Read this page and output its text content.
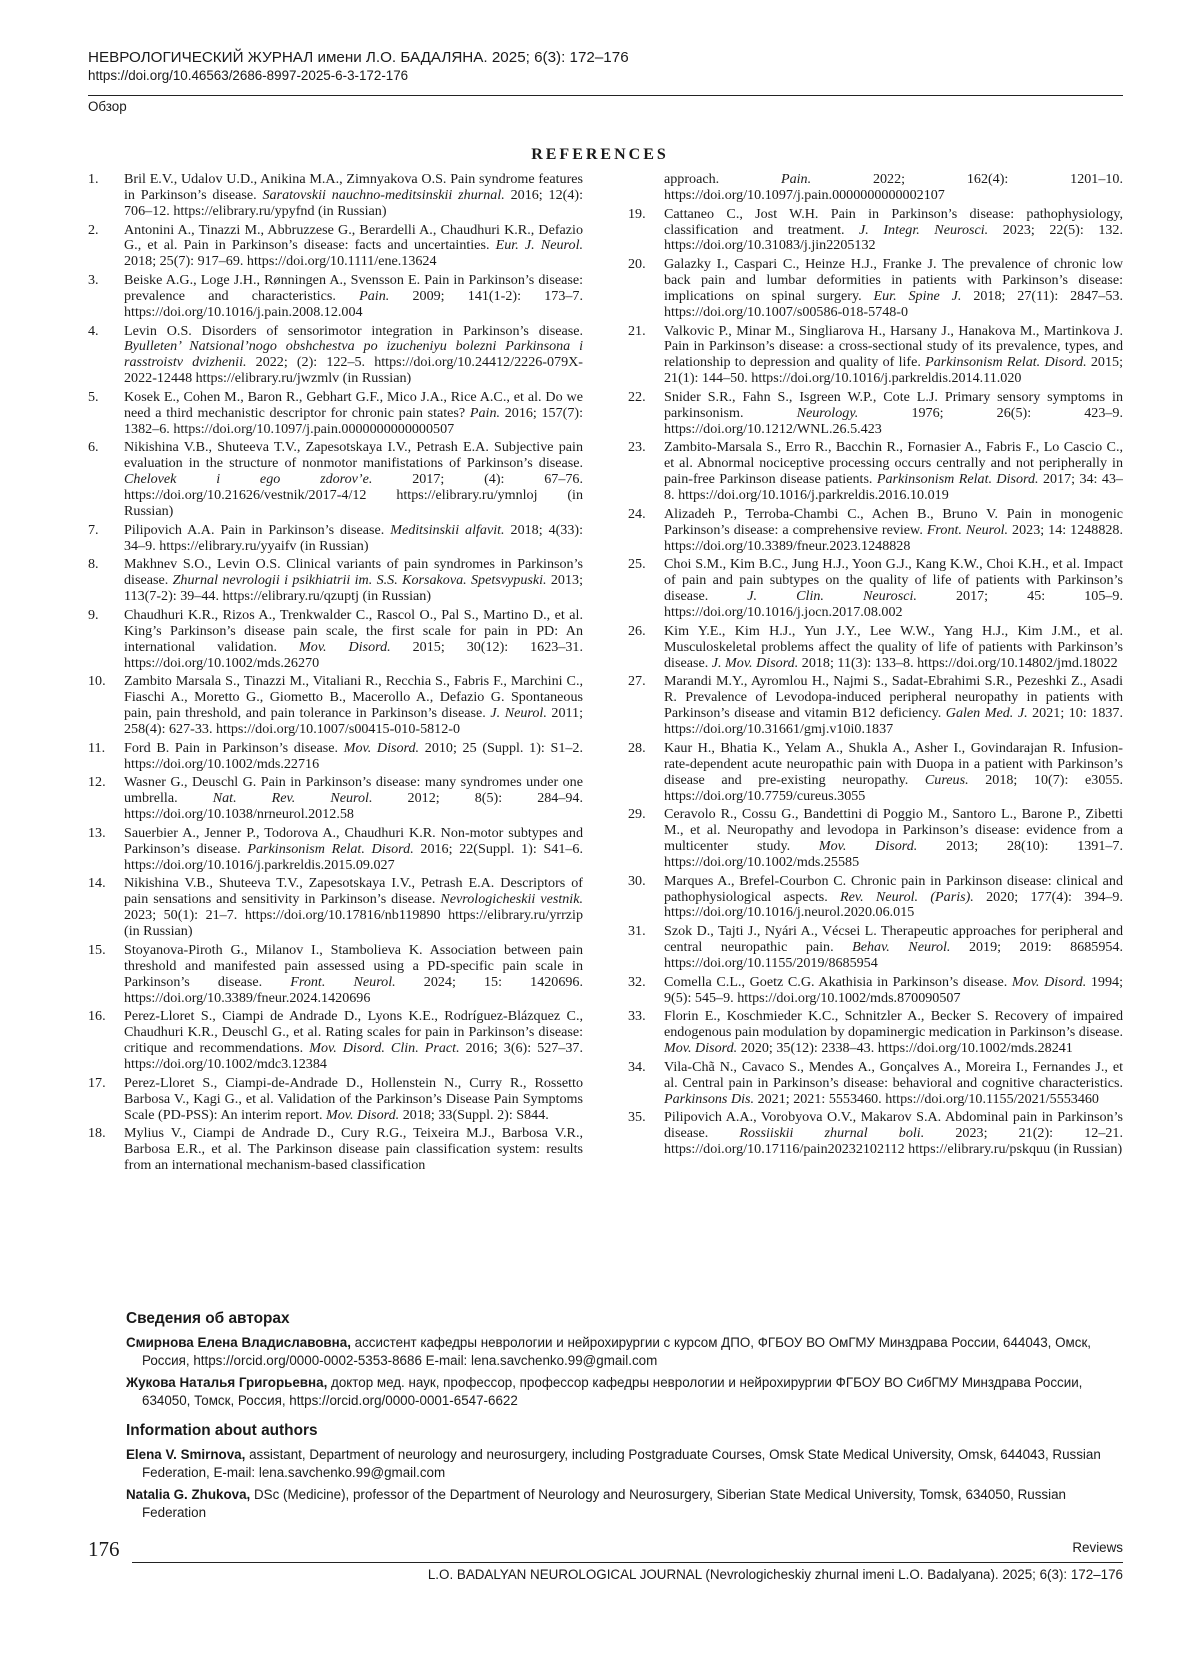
НЕВРОЛОГИЧЕСКИЙ ЖУРНАЛ имени Л.О. БАДАЛЯНА. 2025; 6(3): 172–176
https://doi.org/10.46563/2686-8997-2025-6-3-172-176
Обзор
REFERENCES
1. Bril E.V., Udalov U.D., Anikina M.A., Zimnyakova O.S. Pain syndrome features in Parkinson’s disease. Saratovskii nauchno-meditsinskii zhurnal. 2016; 12(4): 706–12. https://elibrary.ru/ypyfnd (in Russian)
2. Antonini A., Tinazzi M., Abbruzzese G., Berardelli A., Chaudhuri K.R., Defazio G., et al. Pain in Parkinson’s disease: facts and uncertainties. Eur. J. Neurol. 2018; 25(7): 917–69. https://doi.org/10.1111/ene.13624
3. Beiske A.G., Loge J.H., Rønningen A., Svensson E. Pain in Parkinson’s disease: prevalence and characteristics. Pain. 2009; 141(1-2): 173–7. https://doi.org/10.1016/j.pain.2008.12.004
4. Levin O.S. Disorders of sensorimotor integration in Parkinson’s disease. Byulleten’ Natsional’nogo obshchestva po izucheniyu bolezni Parkinsona i rasstroistv dvizhenii. 2022; (2): 122–5. https://doi.org/10.24412/2226-079X-2022-12448 https://elibrary.ru/jwzmlv (in Russian)
5. Kosek E., Cohen M., Baron R., Gebhart G.F., Mico J.A., Rice A.C., et al. Do we need a third mechanistic descriptor for chronic pain states? Pain. 2016; 157(7): 1382–6. https://doi.org/10.1097/j.pain.0000000000000507
6. Nikishina V.B., Shuteeva T.V., Zapesotskaya I.V., Petrash E.A. Subjective pain evaluation in the structure of nonmotor manifistations of Parkinson’s disease. Chelovek i ego zdorov’e. 2017; (4): 67–76. https://doi.org/10.21626/vestnik/2017-4/12 https://elibrary.ru/ymnloj (in Russian)
7. Pilipovich A.A. Pain in Parkinson’s disease. Meditsinskii alfavit. 2018; 4(33): 34–9. https://elibrary.ru/yyaifv (in Russian)
8. Makhnev S.O., Levin O.S. Clinical variants of pain syndromes in Parkinson’s disease. Zhurnal nevrologii i psikhiatrii im. S.S. Korsakova. Spetsvypuski. 2013; 113(7-2): 39–44. https://elibrary.ru/qzuptj (in Russian)
9. Chaudhuri K.R., Rizos A., Trenkwalder C., Rascol O., Pal S., Martino D., et al. King’s Parkinson’s disease pain scale, the first scale for pain in PD: An international validation. Mov. Disord. 2015; 30(12): 1623–31. https://doi.org/10.1002/mds.26270
10. Zambito Marsala S., Tinazzi M., Vitaliani R., Recchia S., Fabris F., Marchini C., Fiaschi A., Moretto G., Giometto B., Macerollo A., Defazio G. Spontaneous pain, pain threshold, and pain tolerance in Parkinson’s disease. J. Neurol. 2011; 258(4): 627-33. https://doi.org/10.1007/s00415-010-5812-0
11. Ford B. Pain in Parkinson’s disease. Mov. Disord. 2010; 25 (Suppl. 1): S1–2. https://doi.org/10.1002/mds.22716
12. Wasner G., Deuschl G. Pain in Parkinson’s disease: many syndromes under one umbrella. Nat. Rev. Neurol. 2012; 8(5): 284–94. https://doi.org/10.1038/nrneurol.2012.58
13. Sauerbier A., Jenner P., Todorova A., Chaudhuri K.R. Non-motor subtypes and Parkinson’s disease. Parkinsonism Relat. Disord. 2016; 22(Suppl. 1): S41–6. https://doi.org/10.1016/j.parkreldis.2015.09.027
14. Nikishina V.B., Shuteeva T.V., Zapesotskaya I.V., Petrash E.A. Descriptors of pain sensations and sensitivity in Parkinson’s disease. Nevrologicheskii vestnik. 2023; 50(1): 21–7. https://doi.org/10.17816/nb119890 https://elibrary.ru/yrrzip (in Russian)
15. Stoyanova-Piroth G., Milanov I., Stambolieva K. Association between pain threshold and manifested pain assessed using a PD-specific pain scale in Parkinson’s disease. Front. Neurol. 2024; 15: 1420696. https://doi.org/10.3389/fneur.2024.1420696
16. Perez-Lloret S., Ciampi de Andrade D., Lyons K.E., Rodríguez-Blázquez C., Chaudhuri K.R., Deuschl G., et al. Rating scales for pain in Parkinson’s disease: critique and recommendations. Mov. Disord. Clin. Pract. 2016; 3(6): 527–37. https://doi.org/10.1002/mdc3.12384
17. Perez-Lloret S., Ciampi-de-Andrade D., Hollenstein N., Curry R., Rossetto Barbosa V., Kagi G., et al. Validation of the Parkinson’s Disease Pain Symptoms Scale (PD-PSS): An interim report. Mov. Disord. 2018; 33(Suppl. 2): S844.
18. Mylius V., Ciampi de Andrade D., Cury R.G., Teixeira M.J., Barbosa V.R., Barbosa E.R., et al. The Parkinson disease pain classification system: results from an international mechanism-based classification
approach. Pain. 2022; 162(4): 1201–10. https://doi.org/10.1097/j.pain.0000000000002107
19. Cattaneo C., Jost W.H. Pain in Parkinson’s disease: pathophysiology, classification and treatment. J. Integr. Neurosci. 2023; 22(5): 132. https://doi.org/10.31083/j.jin2205132
20. Galazky I., Caspari C., Heinze H.J., Franke J. The prevalence of chronic low back pain and lumbar deformities in patients with Parkinson’s disease: implications on spinal surgery. Eur. Spine J. 2018; 27(11): 2847–53. https://doi.org/10.1007/s00586-018-5748-0
21. Valkovic P., Minar M., Singliarova H., Harsany J., Hanakova M., Martinkova J. Pain in Parkinson’s disease: a cross-sectional study of its prevalence, types, and relationship to depression and quality of life. Parkinsonism Relat. Disord. 2015; 21(1): 144–50. https://doi.org/10.1016/j.parkreldis.2014.11.020
22. Snider S.R., Fahn S., Isgreen W.P., Cote L.J. Primary sensory symptoms in parkinsonism. Neurology. 1976; 26(5): 423–9. https://doi.org/10.1212/WNL.26.5.423
23. Zambito-Marsala S., Erro R., Bacchin R., Fornasier A., Fabris F., Lo Cascio C., et al. Abnormal nociceptive processing occurs centrally and not peripherally in pain-free Parkinson disease patients. Parkinsonism Relat. Disord. 2017; 34: 43–8. https://doi.org/10.1016/j.parkreldis.2016.10.019
24. Alizadeh P., Terroba-Chambi C., Achen B., Bruno V. Pain in monogenic Parkinson’s disease: a comprehensive review. Front. Neurol. 2023; 14: 1248828. https://doi.org/10.3389/fneur.2023.1248828
25. Choi S.M., Kim B.C., Jung H.J., Yoon G.J., Kang K.W., Choi K.H., et al. Impact of pain and pain subtypes on the quality of life of patients with Parkinson’s disease. J. Clin. Neurosci. 2017; 45: 105–9. https://doi.org/10.1016/j.jocn.2017.08.002
26. Kim Y.E., Kim H.J., Yun J.Y., Lee W.W., Yang H.J., Kim J.M., et al. Musculoskeletal problems affect the quality of life of patients with Parkinson’s disease. J. Mov. Disord. 2018; 11(3): 133–8. https://doi.org/10.14802/jmd.18022
27. Marandi M.Y., Ayromlou H., Najmi S., Sadat-Ebrahimi S.R., Pezeshki Z., Asadi R. Prevalence of Levodopa-induced peripheral neuropathy in patients with Parkinson’s disease and vitamin B12 deficiency. Galen Med. J. 2021; 10: 1837. https://doi.org/10.31661/gmj.v10i0.1837
28. Kaur H., Bhatia K., Yelam A., Shukla A., Asher I., Govindarajan R. Infusion-rate-dependent acute neuropathic pain with Duopa in a patient with Parkinson’s disease and pre-existing neuropathy. Cureus. 2018; 10(7): e3055. https://doi.org/10.7759/cureus.3055
29. Ceravolo R., Cossu G., Bandettini di Poggio M., Santoro L., Barone P., Zibetti M., et al. Neuropathy and levodopa in Parkinson’s disease: evidence from a multicenter study. Mov. Disord. 2013; 28(10): 1391–7. https://doi.org/10.1002/mds.25585
30. Marques A., Brefel-Courbon C. Chronic pain in Parkinson disease: clinical and pathophysiological aspects. Rev. Neurol. (Paris). 2020; 177(4): 394–9. https://doi.org/10.1016/j.neurol.2020.06.015
31. Szok D., Tajti J., Nyári A., Vécsei L. Therapeutic approaches for peripheral and central neuropathic pain. Behav. Neurol. 2019; 2019: 8685954. https://doi.org/10.1155/2019/8685954
32. Comella C.L., Goetz C.G. Akathisia in Parkinson’s disease. Mov. Disord. 1994; 9(5): 545–9. https://doi.org/10.1002/mds.870090507
33. Florin E., Koschmieder K.C., Schnitzler A., Becker S. Recovery of impaired endogenous pain modulation by dopaminergic medication in Parkinson’s disease. Mov. Disord. 2020; 35(12): 2338–43. https://doi.org/10.1002/mds.28241
34. Vila-Chã N., Cavaco S., Mendes A., Gonçalves A., Moreira I., Fernandes J., et al. Central pain in Parkinson’s disease: behavioral and cognitive characteristics. Parkinsons Dis. 2021; 2021: 5553460. https://doi.org/10.1155/2021/5553460
35. Pilipovich A.A., Vorobyova O.V., Makarov S.A. Abdominal pain in Parkinson’s disease. Rossiiskii zhurnal boli. 2023; 21(2): 12–21. https://doi.org/10.17116/pain20232102112 https://elibrary.ru/pskquu (in Russian)
Сведения об авторах
Смирнова Елена Владиславовна, ассистент кафедры неврологии и нейрохирургии с курсом ДПО, ФГБОУ ВО ОмГМУ Минздрава России, 644043, Омск, Россия, https://orcid.org/0000-0002-5353-8686 E-mail: lena.savchenko.99@gmail.com
Жукова Наталья Григорьевна, доктор мед. наук, профессор, профессор кафедры неврологии и нейрохирургии ФГБОУ ВО СибГМУ Минздрава России, 634050, Томск, Россия, https://orcid.org/0000-0001-6547-6622
Information about authors
Elena V. Smirnova, assistant, Department of neurology and neurosurgery, including Postgraduate Courses, Omsk State Medical University, Omsk, 644043, Russian Federation, E-mail: lena.savchenko.99@gmail.com
Natalia G. Zhukova, DSc (Medicine), professor of the Department of Neurology and Neurosurgery, Siberian State Medical University, Tomsk, 634050, Russian Federation
176	Reviews
L.O. BADALYAN NEUROLOGICAL JOURNAL (Nevrologicheskiy zhurnal imeni L.O. Badalyana). 2025; 6(3): 172–176
